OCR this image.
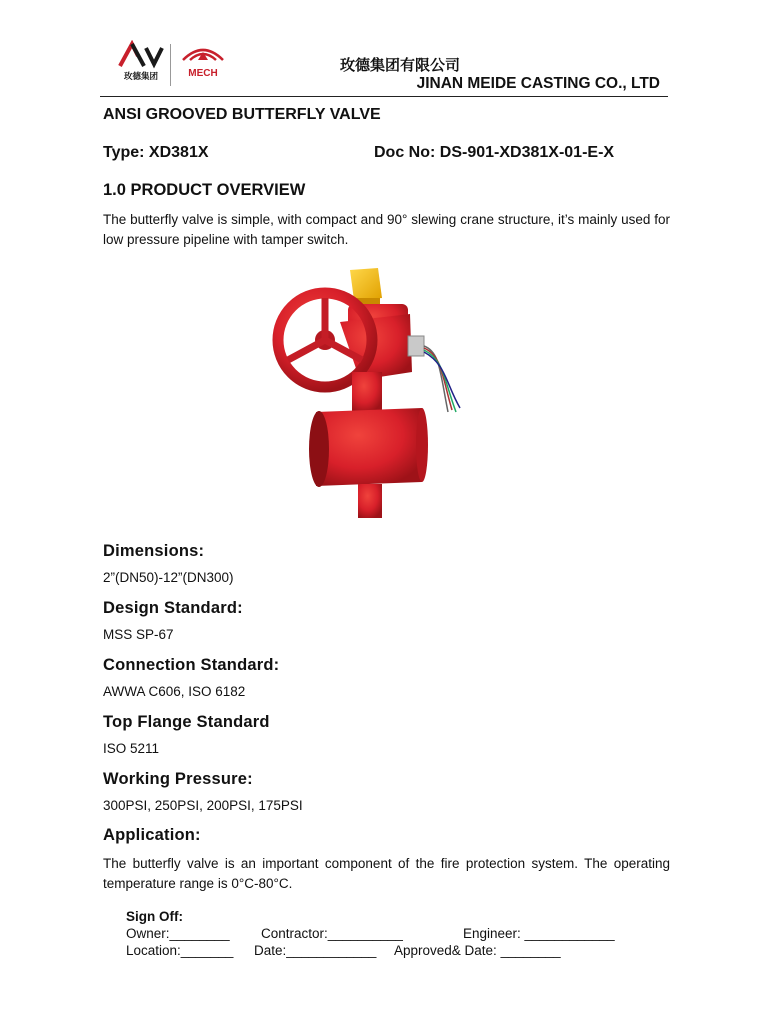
玫德集团	MECH	玫德集团有限公司
JINAN MEIDE CASTING CO., LTD
ANSI GROOVED BUTTERFLY VALVE
Type: XD381X	Doc No: DS-901-XD381X-01-E-X
1.0 PRODUCT OVERVIEW
The butterfly valve is simple, with compact and 90° slewing crane structure, it’s mainly used for low pressure pipeline with tamper switch.
Dimensions:
2”(DN50)-12”(DN300)
Design Standard:
MSS SP-67
Connection Standard:
AWWA C606, ISO 6182
Top Flange Standard
ISO 5211
Working Pressure:
300PSI, 250PSI, 200PSI, 175PSI
Application:
The butterfly valve is an important component of the fire protection system. The operating temperature range is 0°C-80°C.
Sign Off:
Owner:________ Contractor:__________	Engineer: ____________
Location:_______ Date:____________ Approved& Date: ________
